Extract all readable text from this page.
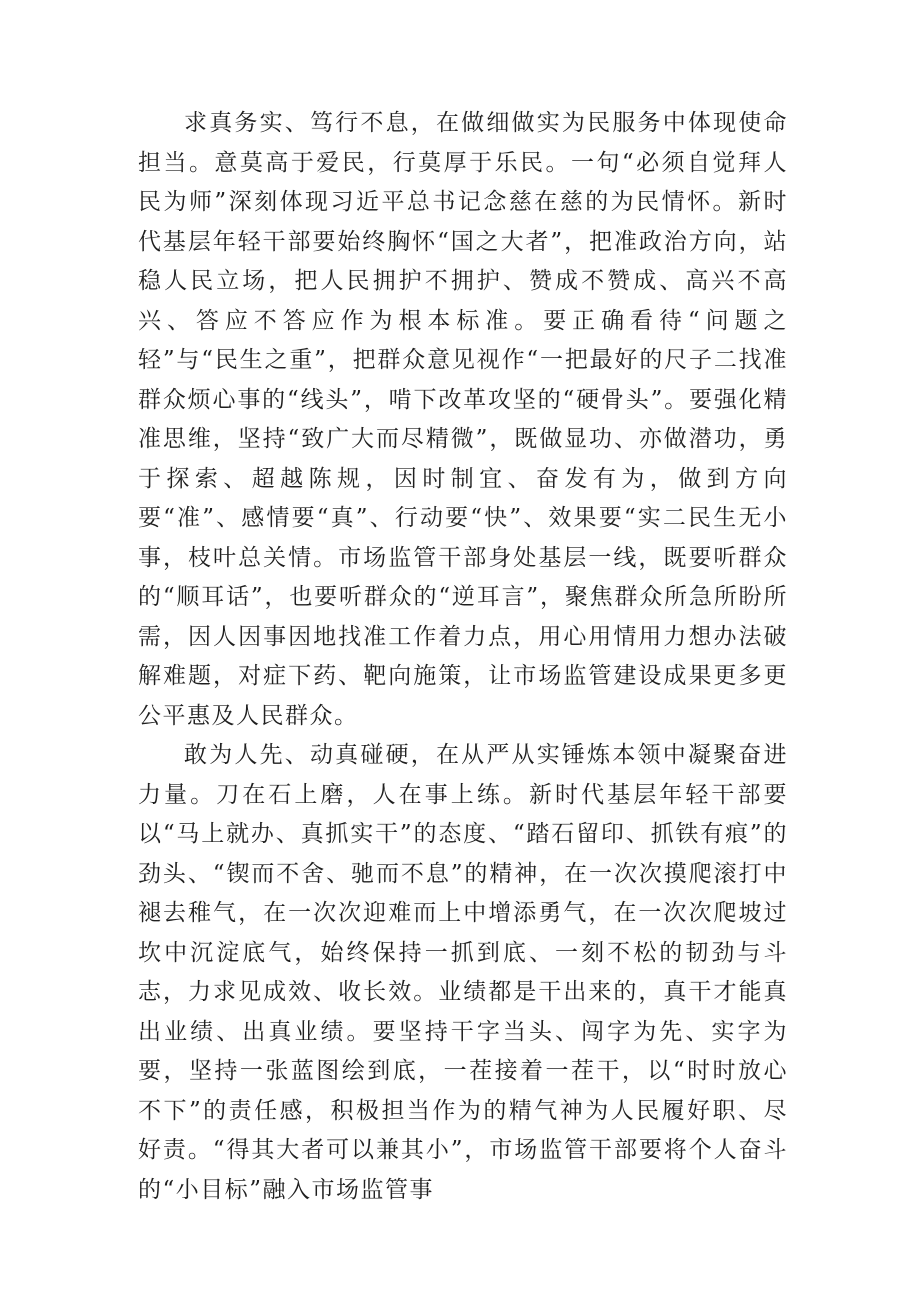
求真务实、笃行不息，在做细做实为民服务中体现使命担当。意莫高于爱民，行莫厚于乐民。一句“必须自觉拜人民为师”深刻体现习近平总书记念慈在慈的为民情怀。新时代基层年轻干部要始终胸怀“国之大者”，把准政治方向，站稳人民立场，把人民拥护不拥护、赞成不赞成、高兴不高兴、答应不答应作为根本标准。要正确看待“问题之轻”与“民生之重”，把群众意见视作“一把最好的尺子二找准群众烦心事的“线头”，啃下改革攻坚的“硬骨头”。要强化精准思维，坚持“致广大而尽精微”，既做显功、亦做潜功，勇于探索、超越陈规，因时制宜、奋发有为，做到方向要“准”、感情要“真”、行动要“快”、效果要“实二民生无小事，枝叶总关情。市场监管干部身处基层一线，既要听群众的“顺耳话”，也要听群众的“逆耳言”，聚焦群众所急所盼所需，因人因事因地找准工作着力点，用心用情用力想办法破解难题，对症下药、靶向施策，让市场监管建设成果更多更公平惠及人民群众。

敢为人先、动真碰硬，在从严从实锤炼本领中凝聚奋进力量。刀在石上磨，人在事上练。新时代基层年轻干部要以“马上就办、真抓实干”的态度、“踏石留印、抓铁有痕”的劲头、“锲而不舍、驰而不息”的精神，在一次次摸爬滚打中褪去稚气，在一次次迎难而上中增添勇气，在一次次爬坡过坎中沉淀底气，始终保持一抓到底、一刻不松的韧劲与斗志，力求见成效、收长效。业绩都是干出来的，真干才能真出业绩、出真业绩。要坚持干字当头、闯字为先、实字为要，坚持一张蓝图绘到底，一茬接着一茬干，以“时时放心不下”的责任感，积极担当作为的精气神为人民履好职、尽好责。“得其大者可以兼其小”，市场监管干部要将个人奋斗的“小目标”融入市场监管事
